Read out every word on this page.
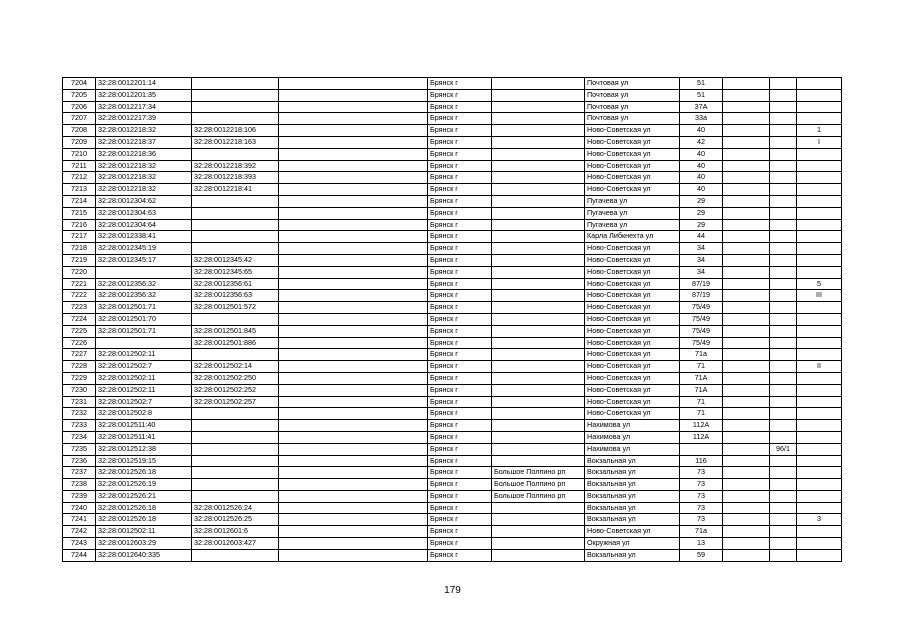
7204	32:28:0012201:14			Брянск г		Почтовая ул	51			
7205	32:28:0012201:35			Брянск г		Почтовая ул	51			
7206	32:28:0012217:34			Брянск г		Почтовая ул	37А			
7207	32:28:0012217:39			Брянск г		Почтовая ул	33а			
7208	32:28:0012218:32	32:28:0012218:106		Брянск г		Ново-Советская ул	40			1
7209	32:28:0012218:37	32:28:0012218:163		Брянск г		Ново-Советская ул	42			I
7210	32:28:0012218:36			Брянск г		Ново-Советская ул	40			
7211	32:28:0012218:32	32:28:0012218:392		Брянск г		Ново-Советская ул	40			
7212	32:28:0012218:32	32:28:0012218:393		Брянск г		Ново-Советская ул	40			
7213	32:28:0012218:32	32:28:0012218:41		Брянск г		Ново-Советская ул	40			
7214	32:28:0012304:62			Брянск г		Пугачева ул	29			
7215	32:28:0012304:63			Брянск г		Пугачева ул	29			
7216	32:28:0012304:64			Брянск г		Пугачева ул	29			
7217	32:28:0012338:41			Брянск г		Карла Либкнехта ул	44			
7218	32:28:0012345:19			Брянск г		Ново-Советская ул	34			
7219	32:28:0012345:17	32:28:0012345:42		Брянск г		Ново-Советская ул	34			
7220		32:28:0012345:65		Брянск г		Ново-Советская ул	34			
7221	32:28:0012356:32	32:28:0012356:61		Брянск г		Ново-Советская ул	87/19			5
7222	32:28:0012356:32	32:28:0012356:63		Брянск г		Ново-Советская ул	87/19			III
7223	32:28:0012501:71	32:28:0012501:572		Брянск г		Ново-Советская ул	75/49			
7224	32:28:0012501:70			Брянск г		Ново-Советская ул	75/49			
7225	32:28:0012501:71	32:28:0012501:845		Брянск г		Ново-Советская ул	75/49			
7226		32:28:0012501:886		Брянск г		Ново-Советская ул	75/49			
7227	32:28:0012502:11			Брянск г		Ново-Советская ул	71а			
7228	32:28:0012502:7	32:28:0012502:14		Брянск г		Ново-Советская ул	71			II
7229	32:28:0012502:11	32:28:0012502:250		Брянск г		Ново-Советская ул	71А			
7230	32:28:0012502:11	32:28:0012502:252		Брянск г		Ново-Советская ул	71А			
7231	32:28:0012502:7	32:28:0012502:257		Брянск г		Ново-Советская ул	71			
7232	32:28:0012502:8			Брянск г		Ново-Советская ул	71			
7233	32:28:0012511:40			Брянск г		Нахимова ул	112А			
7234	32:28:0012511:41			Брянск г		Нахимова ул	112А			
7235	32:28:0012512:38			Брянск г		Нахимова ул			96/1	
7236	32:28:0012519:15			Брянск г		Вокзальная ул	116			
7237	32:28:0012526:18			Брянск г	Большое Полпино рп	Вокзальная ул	73			
7238	32:28:0012526:19			Брянск г	Большое Полпино рп	Вокзальная ул	73			
7239	32:28:0012526:21			Брянск г	Большое Полпино рп	Вокзальная ул	73			
7240	32:28:0012526:18	32:28:0012526:24		Брянск г		Вокзальная ул	73			
7241	32:28:0012526:18	32:28:0012526:25		Брянск г		Вокзальная ул	73			3
7242	32:28:0012502:11	32:28:0012601:6		Брянск г		Ново-Советская ул	71а			
7243	32:28:0012603:29	32:28:0012603:427		Брянск г		Окружная ул	13			
7244	32:28:0012640:335			Брянск г		Вокзальная ул	59			
179
